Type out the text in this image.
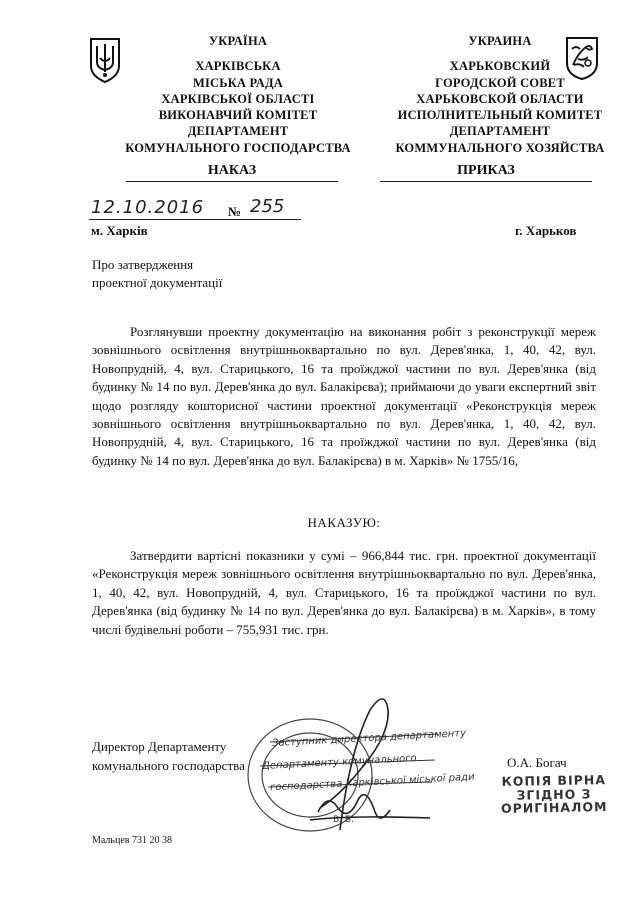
УКРАЇНА
ХАРКІВСЬКА
МІСЬКА РАДА
ХАРКІВСЬКОЇ ОБЛАСТІ
ВИКОНАВЧИЙ КОМІТЕТ
ДЕПАРТАМЕНТ
КОМУНАЛЬНОГО ГОСПОДАРСТВА
УКРАИНА
ХАРЬКОВСКИЙ
ГОРОДСКОЙ СОВЕТ
ХАРЬКОВСКОЙ ОБЛАСТИ
ИСПОЛНИТЕЛЬНЫЙ КОМИТЕТ
ДЕПАРТАМЕНТ
КОММУНАЛЬНОГО ХОЗЯЙСТВА
НАКАЗ	ПРИКАЗ
12.10.2016 № 255
м. Харків	г. Харьков
Про затвердження
проектної документації
Розглянувши проектну документацію на виконання робіт з реконструкції мереж зовнішнього освітлення внутрішньоквартально по вул. Дерев'янка, 1, 40, 42, вул. Новопрудній, 4, вул. Старицького, 16 та проїжджої частини по вул. Дерев'янка (від будинку № 14 по вул. Дерев'янка до вул. Балакірєва); приймаючи до уваги експертний звіт щодо розгляду кошторисної частини проектної документації «Реконструкція мереж зовнішнього освітлення внутрішньоквартально по вул. Дерев'янка, 1, 40, 42, вул. Новопрудній, 4, вул. Старицького, 16 та проїжджої частини по вул. Дерев'янка (від будинку № 14 по вул. Дерев'янка до вул. Балакірєва) в м. Харків» № 1755/16,
НАКАЗУЮ:
Затвердити вартісні показники у сумі – 966,844 тис. грн. проектної документації «Реконструкція мереж зовнішнього освітлення внутрішньоквартально по вул. Дерев'янка, 1, 40, 42, вул. Новопрудній, 4, вул. Старицького, 16 та проїжджої частини по вул. Дерев'янка (від будинку № 14 по вул. Дерев'янка до вул. Балакірєва) в м. Харків», в тому числі будівельні роботи – 755,931 тис. грн.
Директор Департаменту
комунального господарства	О.А. Богач
Заступник директора департаменту
Департаменту комунального
господарства Харківської міської ради
В. Б.
КОПІЯ ВІРНА
ЗГІДНО З
ОРИГІНАЛОМ
Мальцев 731 20 38
